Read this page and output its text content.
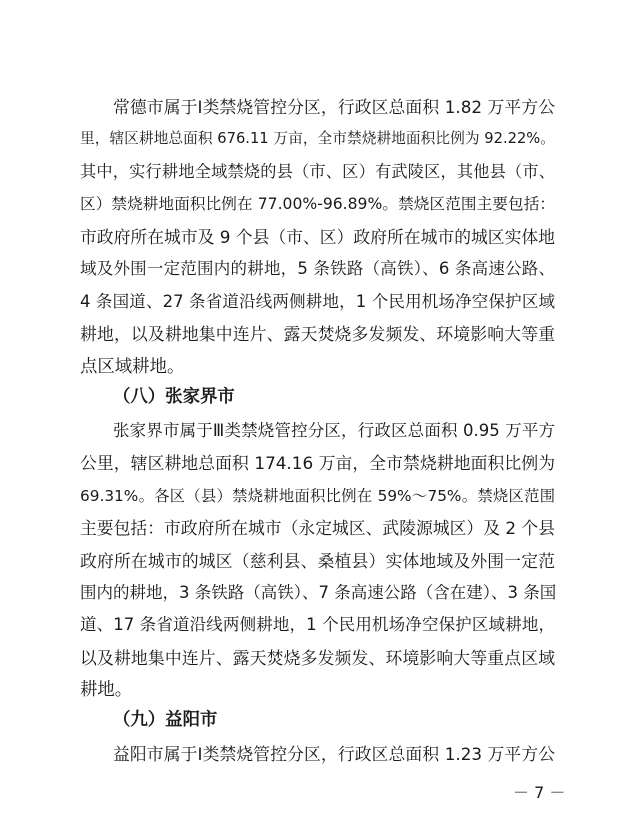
常德市属于Ⅰ类禁烧管控分区，行政区总面积 1.82 万平方公
里，辖区耕地总面积 676.11 万亩，全市禁烧耕地面积比例为 92.22%。
其中，实行耕地全域禁烧的县（市、区）有武陵区，其他县（市、
区）禁烧耕地面积比例在 77.00%-96.89%。禁烧区范围主要包括：
市政府所在城市及 9 个县（市、区）政府所在城市的城区实体地
域及外围一定范围内的耕地，5 条铁路（高铁）、6 条高速公路、
4 条国道、27 条省道沿线两侧耕地，1 个民用机场净空保护区域
耕地，以及耕地集中连片、露天焚烧多发频发、环境影响大等重
点区域耕地。
（八）张家界市
张家界市属于Ⅲ类禁烧管控分区，行政区总面积 0.95 万平方
公里，辖区耕地总面积 174.16 万亩，全市禁烧耕地面积比例为
69.31%。各区（县）禁烧耕地面积比例在 59%～75%。禁烧区范围
主要包括：市政府所在城市（永定城区、武陵源城区）及 2 个县
政府所在城市的城区（慈利县、桑植县）实体地域及外围一定范
围内的耕地，3 条铁路（高铁）、7 条高速公路（含在建）、3 条国
道、17 条省道沿线两侧耕地，1 个民用机场净空保护区域耕地，
以及耕地集中连片、露天焚烧多发频发、环境影响大等重点区域
耕地。
（九）益阳市
益阳市属于Ⅰ类禁烧管控分区，行政区总面积 1.23 万平方公
－ 7 －
